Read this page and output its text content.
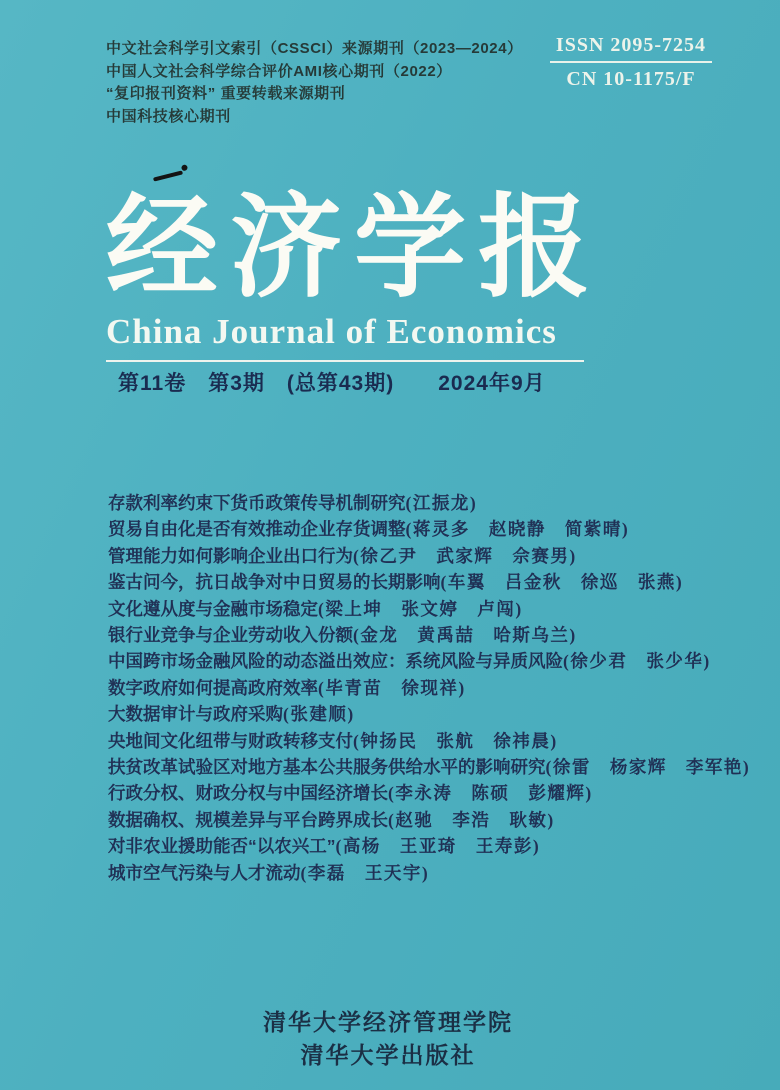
中文社会科学引文索引（CSSCI）来源期刊（2023—2024）
中国人文社会科学综合评价AMI核心期刊（2022）
“复印报刊资料” 重要转载来源期刊
中国科技核心期刊
ISSN 2095-7254
CN 10-1175/F
经济学报
China Journal of Economics
第11卷　第3期　(总第43期)　　2024年9月
存款利率约束下货币政策传导机制研究(江振龙)
贸易自由化是否有效推动企业存货调整(蒋灵多　赵晓静　简紫晴)
管理能力如何影响企业出口行为(徐乙尹　武家辉　佘赛男)
鉴古问今，抗日战争对中日贸易的长期影响(车翼　吕金秋　徐巡　张燕)
文化遵从度与金融市场稳定(梁上坤　张文婷　卢闯)
银行业竞争与企业劳动收入份额(金龙　黄禹喆　哈斯乌兰)
中国跨市场金融风险的动态溢出效应：系统风险与异质风险(徐少君　张少华)
数字政府如何提高政府效率(毕青苗　徐现祥)
大数据审计与政府采购(张建顺)
央地间文化纽带与财政转移支付(钟扬民　张航　徐祎晨)
扶贫改革试验区对地方基本公共服务供给水平的影响研究(徐雷　杨家辉　李军艳)
行政分权、财政分权与中国经济增长(李永涛　陈硕　彭耀辉)
数据确权、规模差异与平台跨界成长(赵驰　李浩　耿敏)
对非农业援助能否“以农兴工”(高杨　王亚琦　王寿彭)
城市空气污染与人才流动(李磊　王天宇)
清华大学经济管理学院
清华大学出版社
